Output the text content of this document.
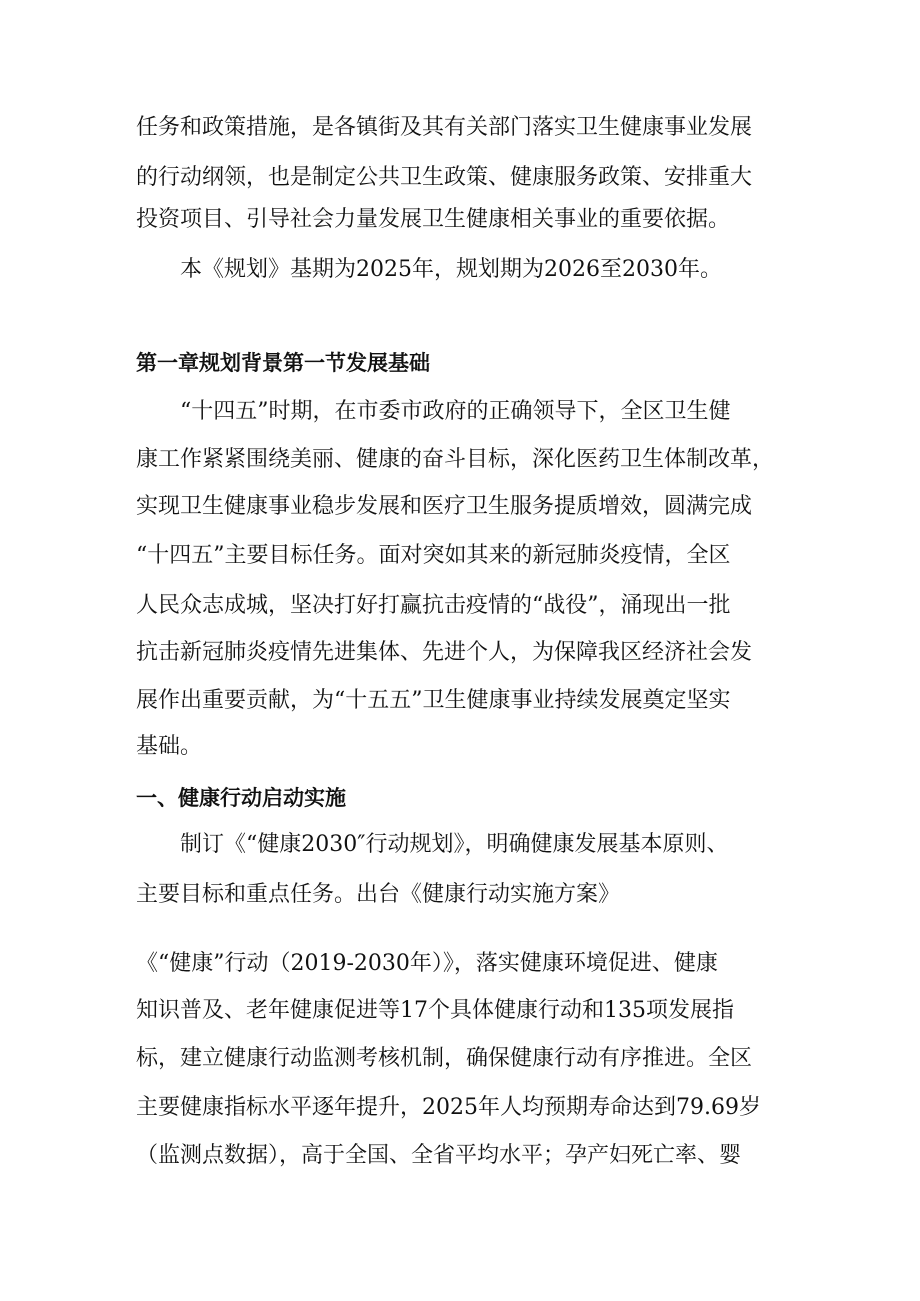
任务和政策措施，是各镇街及其有关部门落实卫生健康事业发展
的行动纲领，也是制定公共卫生政策、健康服务政策、安排重大
投资项目、引导社会力量发展卫生健康相关事业的重要依据。
本《规划》基期为2025年，规划期为2026至2030年。
第一章规划背景第一节发展基础
“十四五”时期，在市委市政府的正确领导下，全区卫生健
康工作紧紧围绕美丽、健康的奋斗目标，深化医药卫生体制改革，
实现卫生健康事业稳步发展和医疗卫生服务提质增效，圆满完成
“十四五”主要目标任务。面对突如其来的新冠肺炎疫情，全区
人民众志成城，坚决打好打赢抗击疫情的“战役”，涌现出一批
抗击新冠肺炎疫情先进集体、先进个人，为保障我区经济社会发
展作出重要贡献，为“十五五”卫生健康事业持续发展奠定坚实
基础。
一、健康行动启动实施
制订《“健康2030″行动规划》，明确健康发展基本原则、
主要目标和重点任务。出台《健康行动实施方案》
《“健康”行动（2019-2030年）》，落实健康环境促进、健康
知识普及、老年健康促进等17个具体健康行动和135项发展指
标，建立健康行动监测考核机制，确保健康行动有序推进。全区
主要健康指标水平逐年提升，2025年人均预期寿命达到79.69岁
（监测点数据），高于全国、全省平均水平；孕产妇死亡率、婴
